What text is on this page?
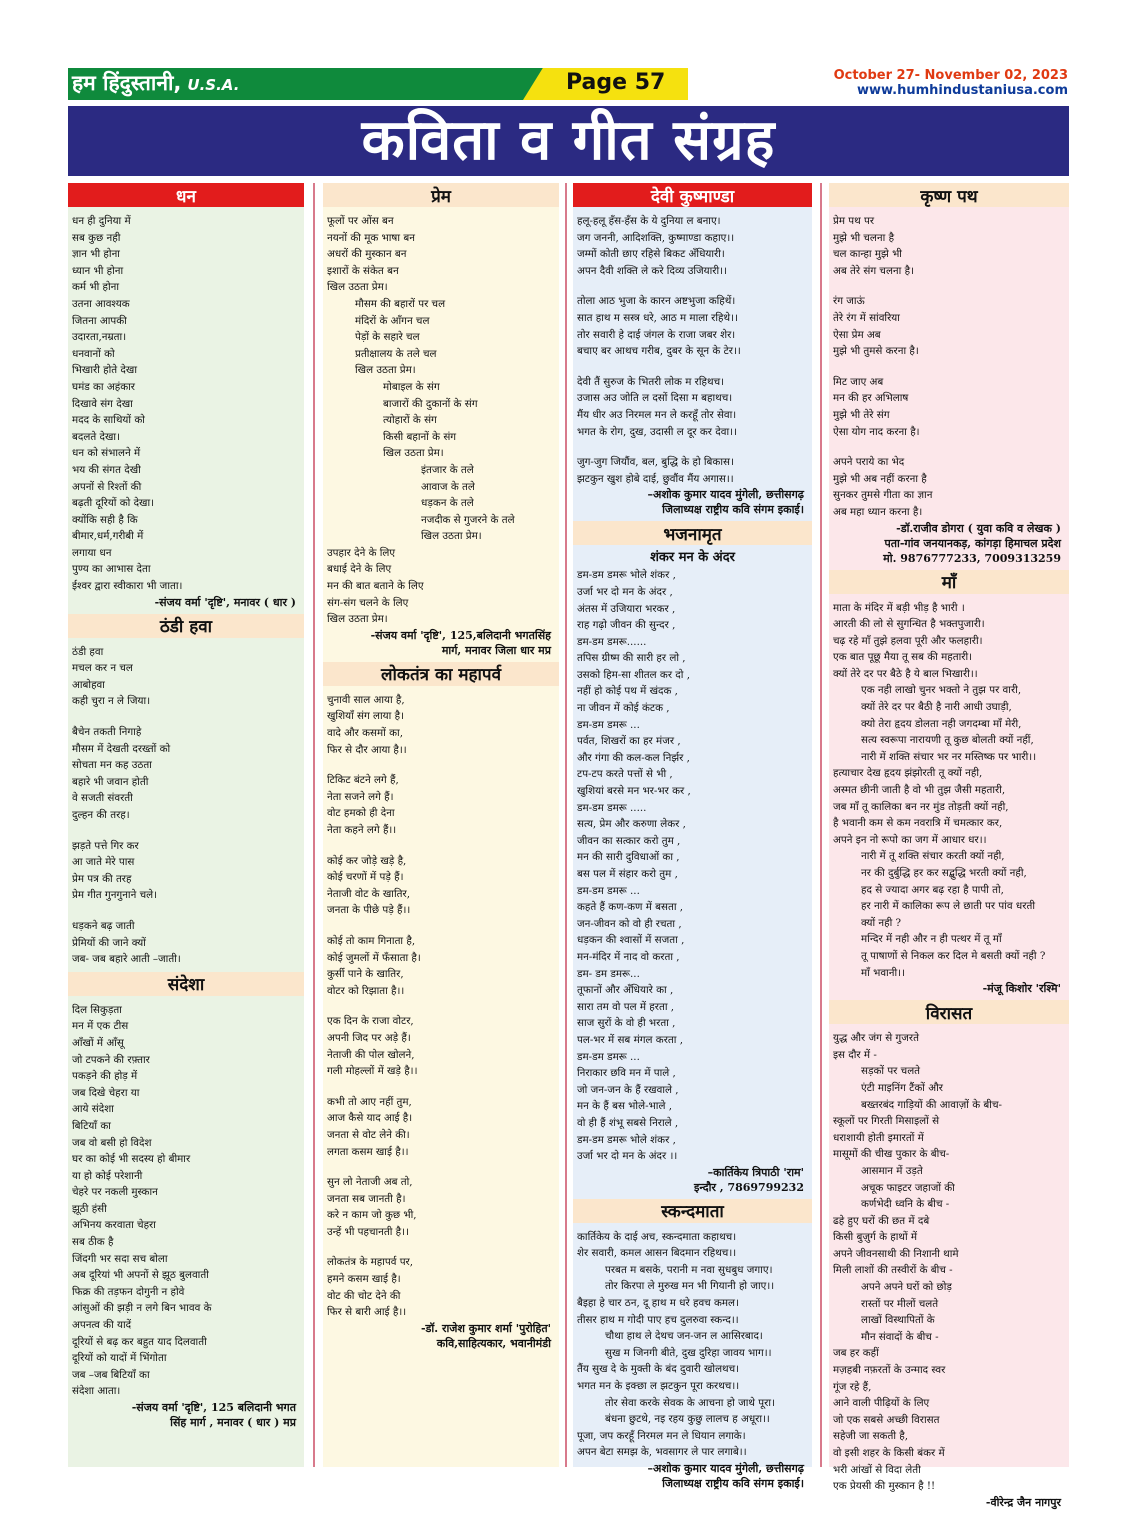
हम हिंदुस्तानी, U.S.A.	Page 57	October 27- November 02, 2023
www.humhindustaniusa.com
कविता व गीत संग्रह
धन
धन ही दुनिया में
सब कुछ नही
ज्ञान भी होना
ध्यान भी होना
कर्म भी होना
उतना आवश्यक
जितना आपकी
उदारता,नम्रता।
धनवानों को
भिखारी होते देखा
घमंड का अहंकार
दिखावे संग देखा
मदद के साथियों को
बदलते देखा।
धन को संभालने में
भय की संगत देखी
अपनों से रिश्तों की
बढ़ती दूरियों को देखा।
क्योंकि सही है कि
बीमार,धर्म,गरीबी में
लगाया धन
पुण्य का आभास देता
ईश्वर द्वारा स्वीकारा भी जाता।
-संजय वर्मा 'दृष्टि', मनावर ( धार )
ठंडी हवा
ठंडी हवा
मचल कर न चल
आबोहवा
कही चुरा न ले जिया।
बैचेन तकती निगाहे
मौसम में देखती दरख्तों को
सोचता मन कह उठता
बहारे भी जवान होती
वे सजती संवरती
दुल्हन की तरह।
झड़ते पत्ते गिर कर
आ जाते मेरे पास
प्रेम पत्र की तरह
प्रेम गीत गुनगुनाने चले।
धड़कने बढ़ जाती
प्रेमियों की जाने क्यों
जब- जब बहारे आती –जाती।
संदेशा
दिल सिकुड़ता
मन में एक टीस
आँखों में आँसू
जो टपकने की रफ़्तार
पकड़ने की होड़ में
जब दिखे चेहरा या
आये संदेशा
बिटियाँ का
जब वो बसी हो विदेश
घर का कोई भी सदस्य हो बीमार
या हो कोई परेशानी
चेहरे पर नकली मुस्कान
झूठी हंसी
अभिनय करवाता चेहरा
सब ठीक है
जिंदगी भर सदा सच बोला
अब दूरियां भी अपनों से झूठ बुलवाती
फिक्र की तड़फन दोगुनी न होवे
आंसुओं की झड़ी न लगे बिन भावव के
अपनत्व की यादें
दूरियों से बढ़ कर बहुत याद दिलवाती
दूरियों को यादों में भिंगोता
जब –जब बिटियाँ का
संदेशा आता।
-संजय वर्मा 'दृष्टि', 125 बलिदानी भगत
सिंह मार्ग , मनावर ( धार ) मप्र
प्रेम
फूलों पर ओंस बन
नयनों की मूक भाषा बन
अधरों की मुस्कान बन
इशारों के संकेत बन
खिल उठता प्रेम।
मौसम की बहारों पर चल
मंदिरों के आँगन चल
पेड़ों के सहारे चल
प्रतीक्षालय के तले चल
खिल उठता प्रेम।
मोबाइल के संग
बाजारों की दुकानों के संग
त्योहारों के संग
किसी बहानों के संग
खिल उठता प्रेम।
इंतजार के तले
आवाज के तले
धड़कन के तले
नजदीक से गुजरने के तले
खिल उठता प्रेम।
उपहार देने के लिए
बधाई देने के लिए
मन की बात बताने के लिए
संग-संग चलने के लिए
खिल उठता प्रेम।
-संजय वर्मा 'दृष्टि', 125,बलिदानी भगतसिंह
मार्ग, मनावर जिला धार मप्र
लोकतंत्र का महापर्व
चुनावी साल आया है,
खुशियाँ संग लाया है।
वादे और कसमों का,
फिर से दौर आया है।।
टिकिट बंटने लगे हैं,
नेता सजने लगे हैं।
वोट हमको ही देना
नेता कहने लगे हैं।।
कोई कर जोड़े खड़े है,
कोई चरणों में पड़े हैं।
नेताजी वोट के खातिर,
जनता के पीछे पड़े हैं।।
कोई तो काम गिनाता है,
कोई जुमलों में फँसाता है।
कुर्सी पाने के खातिर,
वोटर को रिझाता है।।
एक दिन के राजा वोटर,
अपनी जिद पर अड़े हैं।
नेताजी की पोल खोलने,
गली मोहल्लों में खड़े है।।
कभी तो आए नहीं तुम,
आज कैसे याद आई है।
जनता से वोट लेने की।
लगता कसम खाई है।।
सुन लो नेताजी अब तो,
जनता सब जानती है।
करे न काम जो कुछ भी,
उन्हें भी पहचानती है।।
लोकतंत्र के महापर्व पर,
हमने कसम खाई है।
वोट की चोट देने की
फिर से बारी आई है।।
-डॉ. राजेश कुमार शर्मा 'पुरोहित'
कवि,साहित्यकार, भवानीमंडी
देवी कुष्माण्डा
हलू-हलू हँस-हँस के ये दुनिया ल बनाए।
जग जननी, आदिशक्ति, कुष्माण्डा कहाए।।
जम्मों कोती छाए रहिसे बिकट अँधियारी।
अपन दैवी शक्ति ले करे दिव्य उजियारी।।
तोला आठ भुजा के कारन अष्टभुजा कहिथें।
सात हाथ म सस्त्र धरे, आठ म माला रहिथे।।
तोर सवारी हे दाई जंगल के राजा जबर शेर।
बचाए बर आथच गरीब, दुबर के सून के टेर।।
देवी तैं सुरुज के भितरी लोक म रहिथच।
उजास अउ जोति ल दसों दिसा म बहाथच।
मैंय धीर अउ निरमल मन ले करहूँ तोर सेवा।
भगत के रोग, दुख, उदासी ल दूर कर देवा।।
जुग-जुग जियौंव, बल, बुद्धि के हो बिकास।
झटकुन खुश होबे दाई, छुवौंव मैंय अगास।।
–अशोक कुमार यादव मुंगेली, छत्तीसगढ़
जिलाध्यक्ष राष्ट्रीय कवि संगम इकाई।
भजनामृत
शंकर मन के अंदर
डम-डम डमरू भोले शंकर ,
उर्जा भर दो मन के अंदर ,
अंतस में उजियारा भरकर ,
राह गढ़ो जीवन की सुन्दर ,
डम-डम डमरू......
तपिस ग्रीष्म की सारी हर लो ,
उसको हिम-सा शीतल कर दो ,
नहीं हो कोई पथ में खंदक ,
ना जीवन में कोई कंटक ,
डम-डम डमरू ...
पर्वत, शिखरों का हर मंजर ,
और गंगा की कल-कल निर्झर ,
टप-टप करते पत्तों से भी ,
खुशियां बरसे मन भर-भर कर ,
डम-डम डमरू .....
सत्य, प्रेम और करुणा लेकर ,
जीवन का सत्कार करो तुम ,
मन की सारी दुविधाओं का ,
बस पल में संहार करो तुम ,
डम-डम डमरू ...
कहते हैं कण-कण में बसता ,
जन-जीवन को वो ही रचता ,
धड़कन की श्वासों में सजता ,
मन-मंदिर में नाद वो करता ,
डम- डम डमरू...
तूफानों और अँधियारे का ,
सारा तम वो पल में हरता ,
साज सुरों के वो ही भरता ,
पल-भर में सब मंगल करता ,
डम-डम डमरू ...
निराकार छवि मन में पाले ,
जो जन-जन के हैं रखवाले ,
मन के हैं बस भोले-भाले ,
वो ही हैं शंभू सबसे निराले ,
डम-डम डमरू भोले शंकर ,
उर्जा भर दो मन के अंदर ।।
–कार्तिकेय त्रिपाठी 'राम'
इन्दौर , 7869799232
स्कन्दमाता
कार्तिकेय के दाई अच, स्कन्दमाता कहाथच।
शेर सवारी, कमल आसन बिदमान रहिथच।।
परबत म बसके, परानी म नवा सुधबुध जगाए।
तोर किरपा ले मुरुख मन भी गियानी हो जाए।।
बैइहा हे चार ठन, दू हाथ म धरे हवच कमल।
तीसर हाथ म गोदी पाए हच दुलरुवा स्कन्द।।
चौथा हाथ ले देथच जन-जन ल आसिरबाद।
सुख म जिनगी बीते, दुख दुरिहा जावय भाग।।
तैंय सुख दे के मुक्ती के बंद दुवारी खोलथच।
भगत मन के इक्छा ल झटकुन पूरा करथच।।
तोर सेवा करके सेवक के आचना हो जाथे पूरा।
बंधना छुटथे, नइ रहय कुछु लालच ह अधूरा।।
पूजा, जप करहूँ निरमल मन ले धियान लगाके।
अपन बेटा समझ के, भवसागर ले पार लगाबे।।
–अशोक कुमार यादव मुंगेली, छत्तीसगढ़
जिलाध्यक्ष राष्ट्रीय कवि संगम इकाई।
कृष्ण पथ
प्रेम पथ पर
मुझे भी चलना है
चल कान्हा मुझे भी
अब तेरे संग चलना है।
रंग जाऊं
तेरे रंग में सांवरिया
ऐसा प्रेम अब
मुझे भी तुमसे करना है।
मिट जाए अब
मन की हर अभिलाष
मुझे भी तेरे संग
ऐसा योग नाद करना है।
अपने पराये का भेद
मुझे भी अब नहीं करना है
सुनकर तुमसे गीता का ज्ञान
अब महा ध्यान करना है।
-डॉ.राजीव डोगरा ( युवा कवि व लेखक )
पता-गांव जनयानकड़, कांगड़ा हिमाचल प्रदेश
मो. 9876777233, 7009313259
माँ
माता के मंदिर में बड़ी भीड़ है भारी ।
आरती की लो से सुगन्धित है भक्तपुजारी।
चढ़ रहे माँ तुझे हलवा पूरी और फलहारी।
एक बात पूछू मैया तू सब की महतारी।
क्यों तेरे दर पर बैठे है ये बाल भिखारी।।
एक नही लाखो चुनर भक्तो ने तुझ पर वारी,
क्यों तेरे दर पर बैठी है नारी आधी उघाड़ी,
क्यो तेरा हृदय डोलता नही जगदम्बा माँ मेरी,
सत्य स्वरूपा नारायणी तू कुछ बोलती क्यों नहीं,
नारी में शक्ति संचार भर नर मस्तिष्क पर भारी।।
हत्याचार देख हृदय झंझोरती तू क्यों नही,
अस्मत छीनी जाती है वो भी तुझ जैसी महतारी,
जब माँ तू कालिका बन नर मुंड तोड़ती क्यों नही,
है भवानी कम से कम नवरात्रि में चमत्कार कर,
अपने इन नो रूपो का जग में आधार धर।।
नारी में तू शक्ति संचार करती क्यों नही,
नर की दुर्बुद्धि हर कर सद्बुद्धि भरती क्यों नही,
हद से ज्यादा अगर बढ़ रहा है पापी तो,
हर नारी में कालिका रूप ले छाती पर पांव धरती
क्यों नही ?
मन्दिर में नही और न ही पत्थर में तू माँ
तू पाषाणों से निकल कर दिल मे बसती क्यों नही ?
माँ भवानी।।
-मंजू किशोर 'रश्मि'
विरासत
युद्ध और जंग से गुजरते
इस दौर में -
सड़कों पर चलते
एंटी माइनिंग टैंकों और
बख्तरबंद गाड़ियों की आवाज़ों के बीच-
स्कूलों पर गिरती मिसाइलों से
धराशायी होती इमारतों में
मासूमों की चीख पुकार के बीच-
आसमान में उड़ते
अचूक फाइटर जहाजों की
कर्णभेदी ध्वनि के बीच -
ढहे हुए घरों की छत में दबे
किसी बुज़ुर्ग के हाथों में
अपने जीवनसाथी की निशानी थामे
मिली लाशों की तस्वीरों के बीच -
अपने अपने घरों को छोड़
रास्तों पर मीलों चलते
लाखों विस्थापितों के
मौन संवादों के बीच -
जब हर कहीं
मज़हबी नफ़रतों के उन्माद स्वर
गूंज रहे हैं,
आने वाली पीढ़ियों के लिए
जो एक सबसे अच्छी विरासत
सहेजी जा सकती है,
वो इसी शहर के किसी बंकर में
भरी आंखों से विदा लेती
एक प्रेयसी की मुस्कान है !!
-वीरेन्द्र जैन नागपुर
